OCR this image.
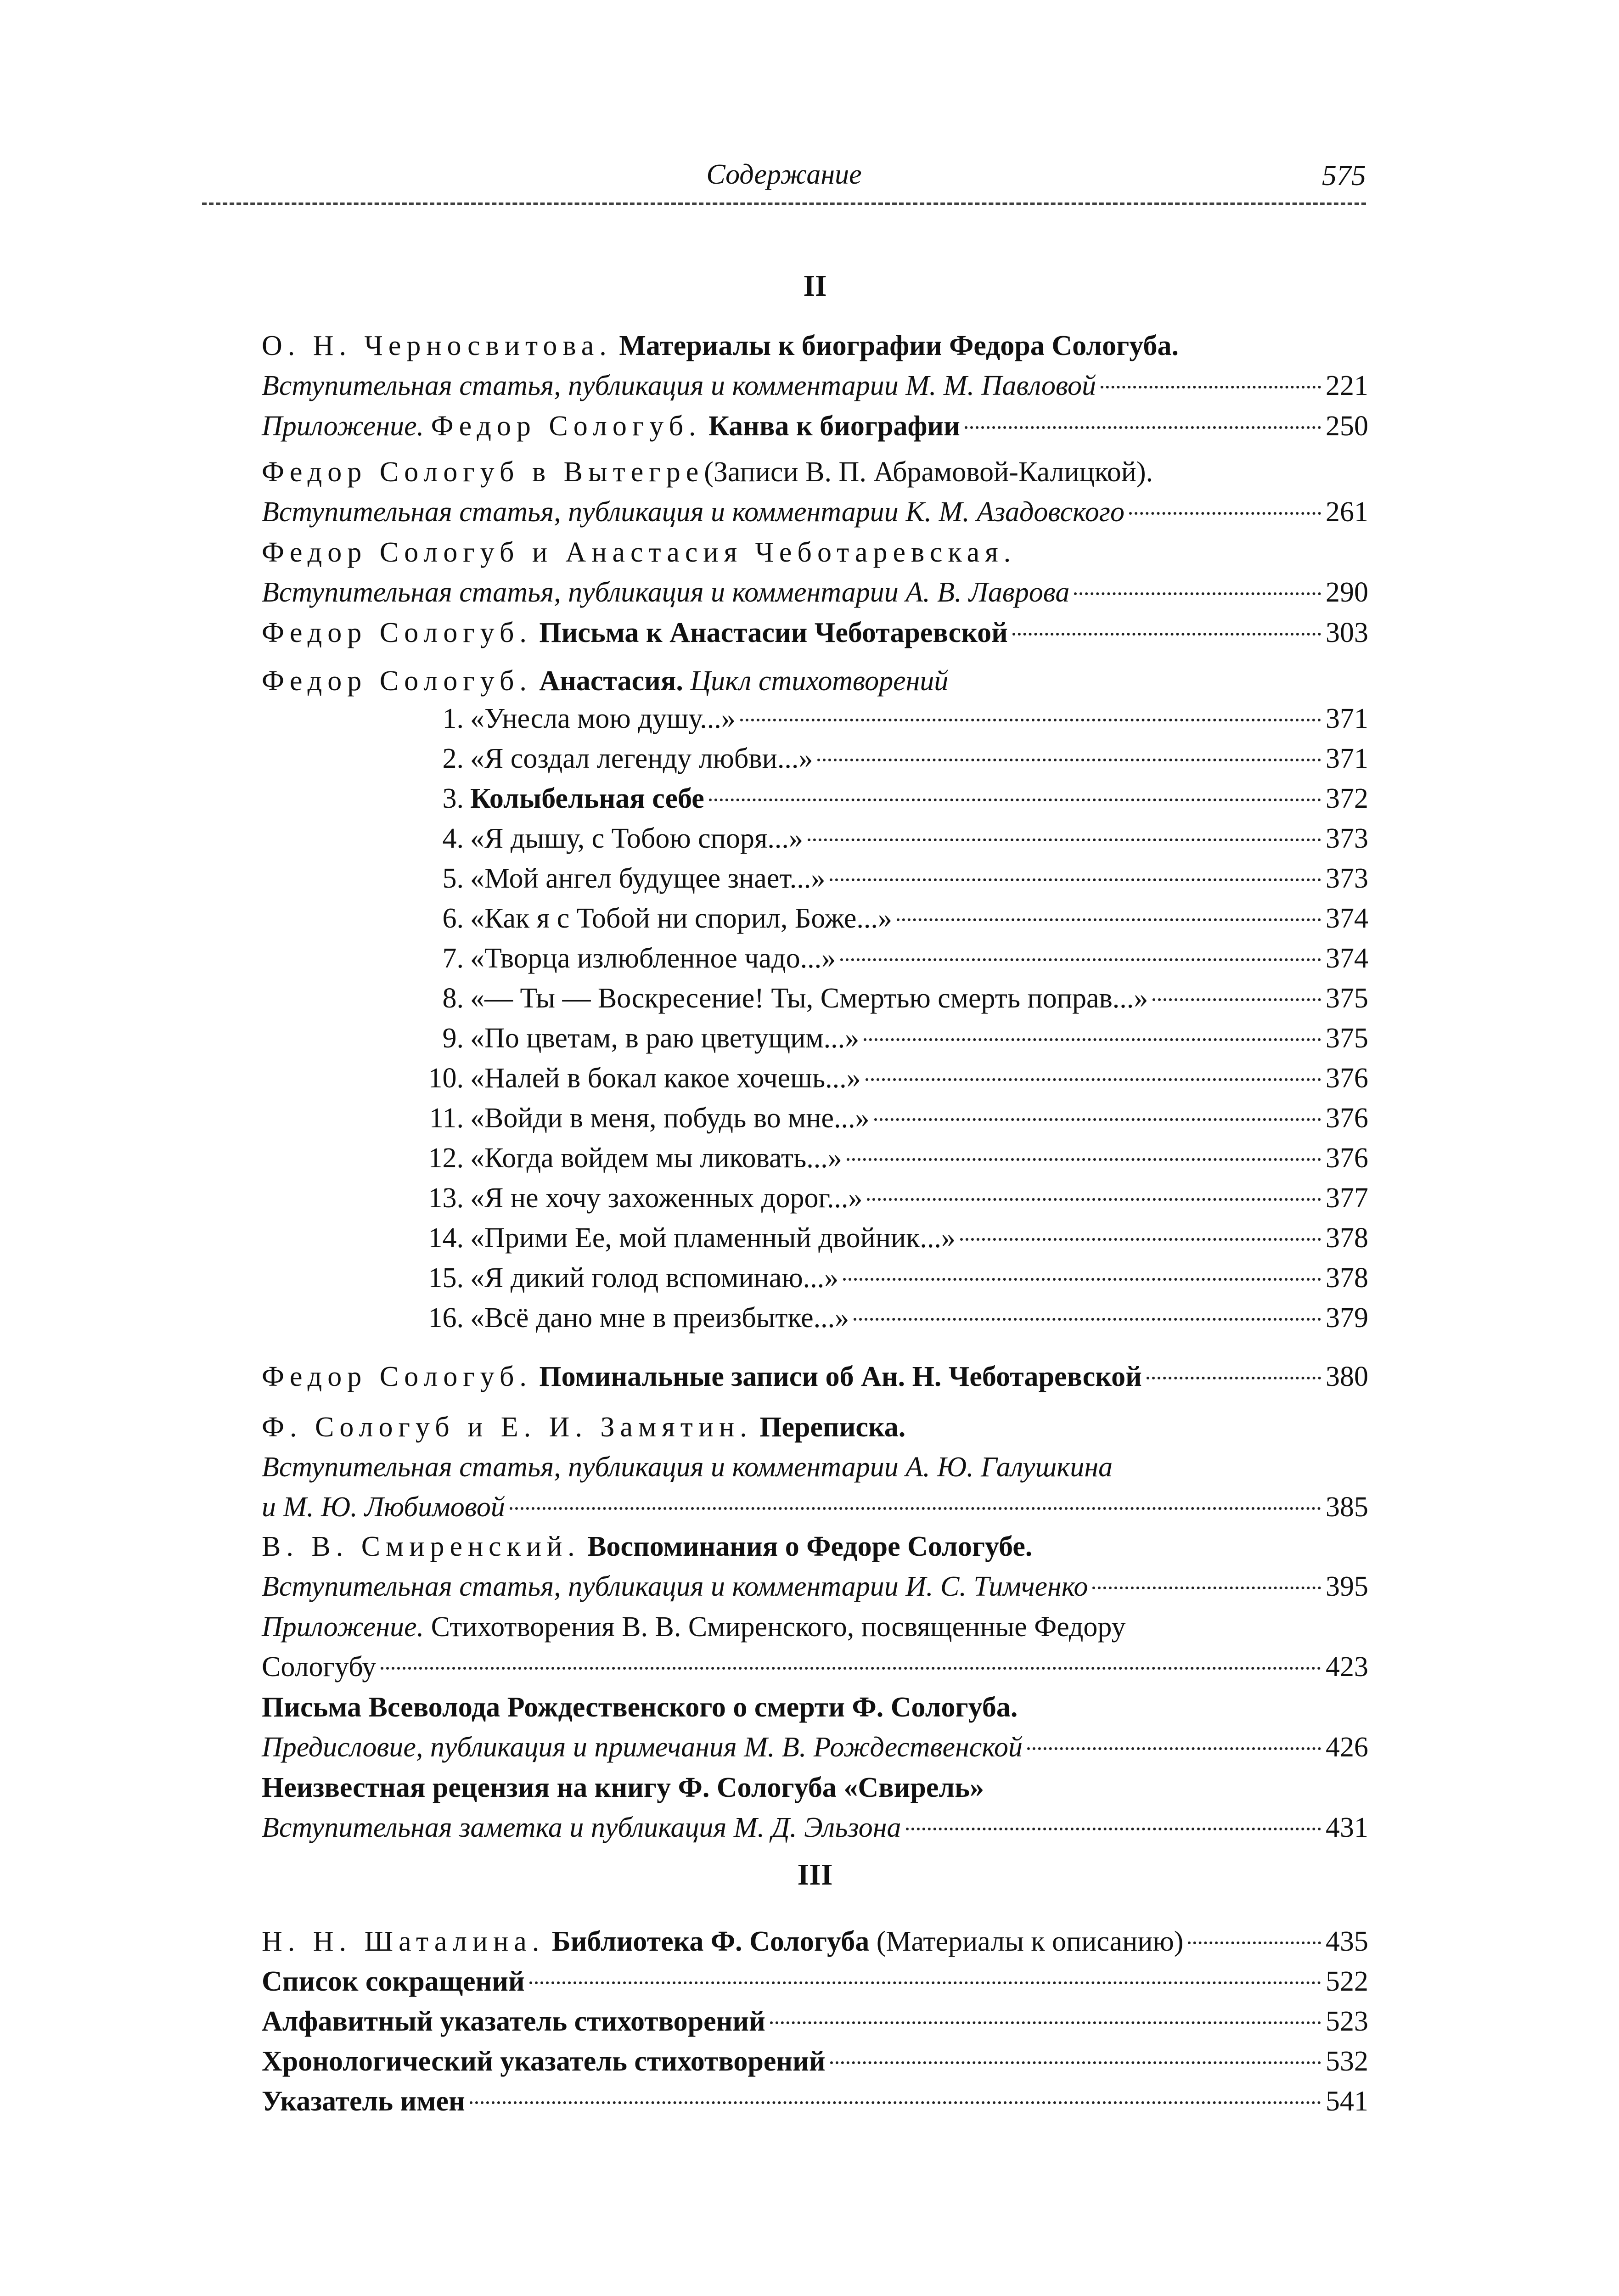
Содержание	575
II
О. Н. Черносвитова. Материалы к биографии Федора Сологуба.
Вступительная статья, публикация и комментарии М. М. Павловой	221
Приложение. Федор Сологуб. Канва к биографии	250
Федор Сологуб в Вытегре(Записи В. П. Абрамовой-Калицкой).
Вступительная статья, публикация и комментарии К. М. Азадовского	261
Федор Сологуб и Анастасия Чеботаревская.
Вступительная статья, публикация и комментарии А. В. Лаврова	290
Федор Сологуб. Письма к Анастасии Чеботаревской	303
Федор Сологуб. Анастасия. Цикл стихотворений
1. «Унесла мою душу...»	371
2. «Я создал легенду любви...»	371
3. Колыбельная себе	372
4. «Я дышу, с Тобою споря...»	373
5. «Мой ангел будущее знает...»	373
6. «Как я с Тобой ни спорил, Боже...»	374
7. «Творца излюбленное чадо...»	374
8. «— Ты — Воскресение! Ты, Смертью смерть поправ...»	375
9. «По цветам, в раю цветущим...»	375
10. «Налей в бокал какое хочешь...»	376
11. «Войди в меня, побудь во мне...»	376
12. «Когда войдем мы ликовать...»	376
13. «Я не хочу захоженных дорог...»	377
14. «Прими Ее, мой пламенный двойник...»	378
15. «Я дикий голод вспоминаю...»	378
16. «Всё дано мне в преизбытке...»	379
Федор Сологуб. Поминальные записи об Ан. Н. Чеботаревской	380
Ф. Сологуб и Е. И. Замятин. Переписка.
Вступительная статья, публикация и комментарии А. Ю. Галушкина
и М. Ю. Любимовой	385
В. В. Смиренский. Воспоминания о Федоре Сологубе.
Вступительная статья, публикация и комментарии И. С. Тимченко	395
Приложение. Стихотворения В. В. Смиренского, посвященные Федору
Сологубу	423
Письма Всеволода Рождественского о смерти Ф. Сологуба.
Предисловие, публикация и примечания М. В. Рождественской	426
Неизвестная рецензия на книгу Ф. Сологуба «Свирель»
Вступительная заметка и публикация М. Д. Эльзона	431
III
Н. Н. Шаталина. Библиотека Ф. Сологуба (Материалы к описанию)	435
Список сокращений	522
Алфавитный указатель стихотворений	523
Хронологический указатель стихотворений	532
Указатель имен	541
